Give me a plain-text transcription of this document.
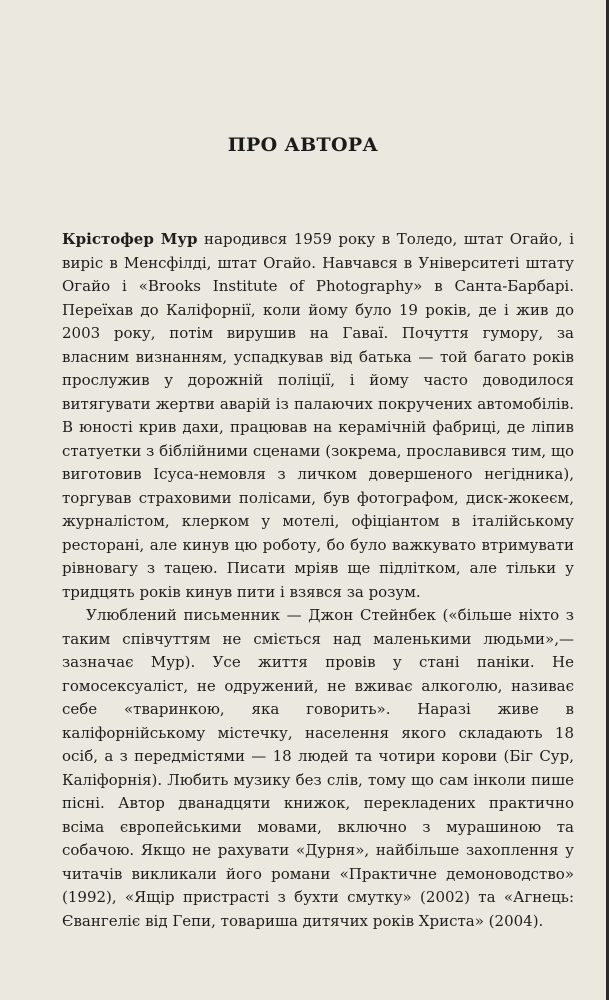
ПРО АВТОРА

Крістофер Мур народився 1959 року в Толедо, штат Огайо, і виріс в Менсфілді, штат Огайо. Навчався в Університеті штату Огайо і «Brooks Institute of Photography» в Санта-Барбарі. Переїхав до Каліфорнії, коли йому було 19 років, де і жив до 2003 року, потім вирушив на Гаваї. Почуття гумору, за власним визнанням, успадкував від батька — той багато років прослужив у дорожній поліції, і йому часто доводилося витягувати жертви аварій із палаючих покручених автомобілів. В юності крив дахи, працював на керамічній фабриці, де ліпив статуетки з біблійними сценами (зокрема, прославився тим, що виготовив Ісуса-немовля з личком довершеного негідника), торгував страховими полісами, був фотографом, диск-жокеєм, журналістом, клерком у мотелі, офіціантом в італійському ресторані, але кинув цю роботу, бо було важкувато втримувати рівновагу з тацею. Писати мріяв ще підлітком, але тільки у тридцять років кинув пити і взявся за розум.

Улюблений письменник — Джон Стейнбек («більше ніхто з таким співчуттям не сміється над маленькими людьми»,— зазначає Мур). Усе життя провів у стані паніки. Не гомосексуаліст, не одружений, не вживає алкоголю, називає себе «тваринкою, яка говорить». Наразі живе в каліфорнійському містечку, населення якого складають 18 осіб, а з передмістями — 18 людей та чотири корови (Біг Сур, Каліфорнія). Любить музику без слів, тому що сам інколи пише пісні. Автор дванадцяти книжок, перекладених практично всіма європейськими мовами, включно з мурашиною та собачою. Якщо не рахувати «Дурня», найбільше захоплення у читачів викликали його романи «Практичне демоноводство» (1992), «Ящір пристрасті з бухти смутку» (2002) та «Агнець: Євангеліє від Гепи, товариша дитячих років Христа» (2004).
